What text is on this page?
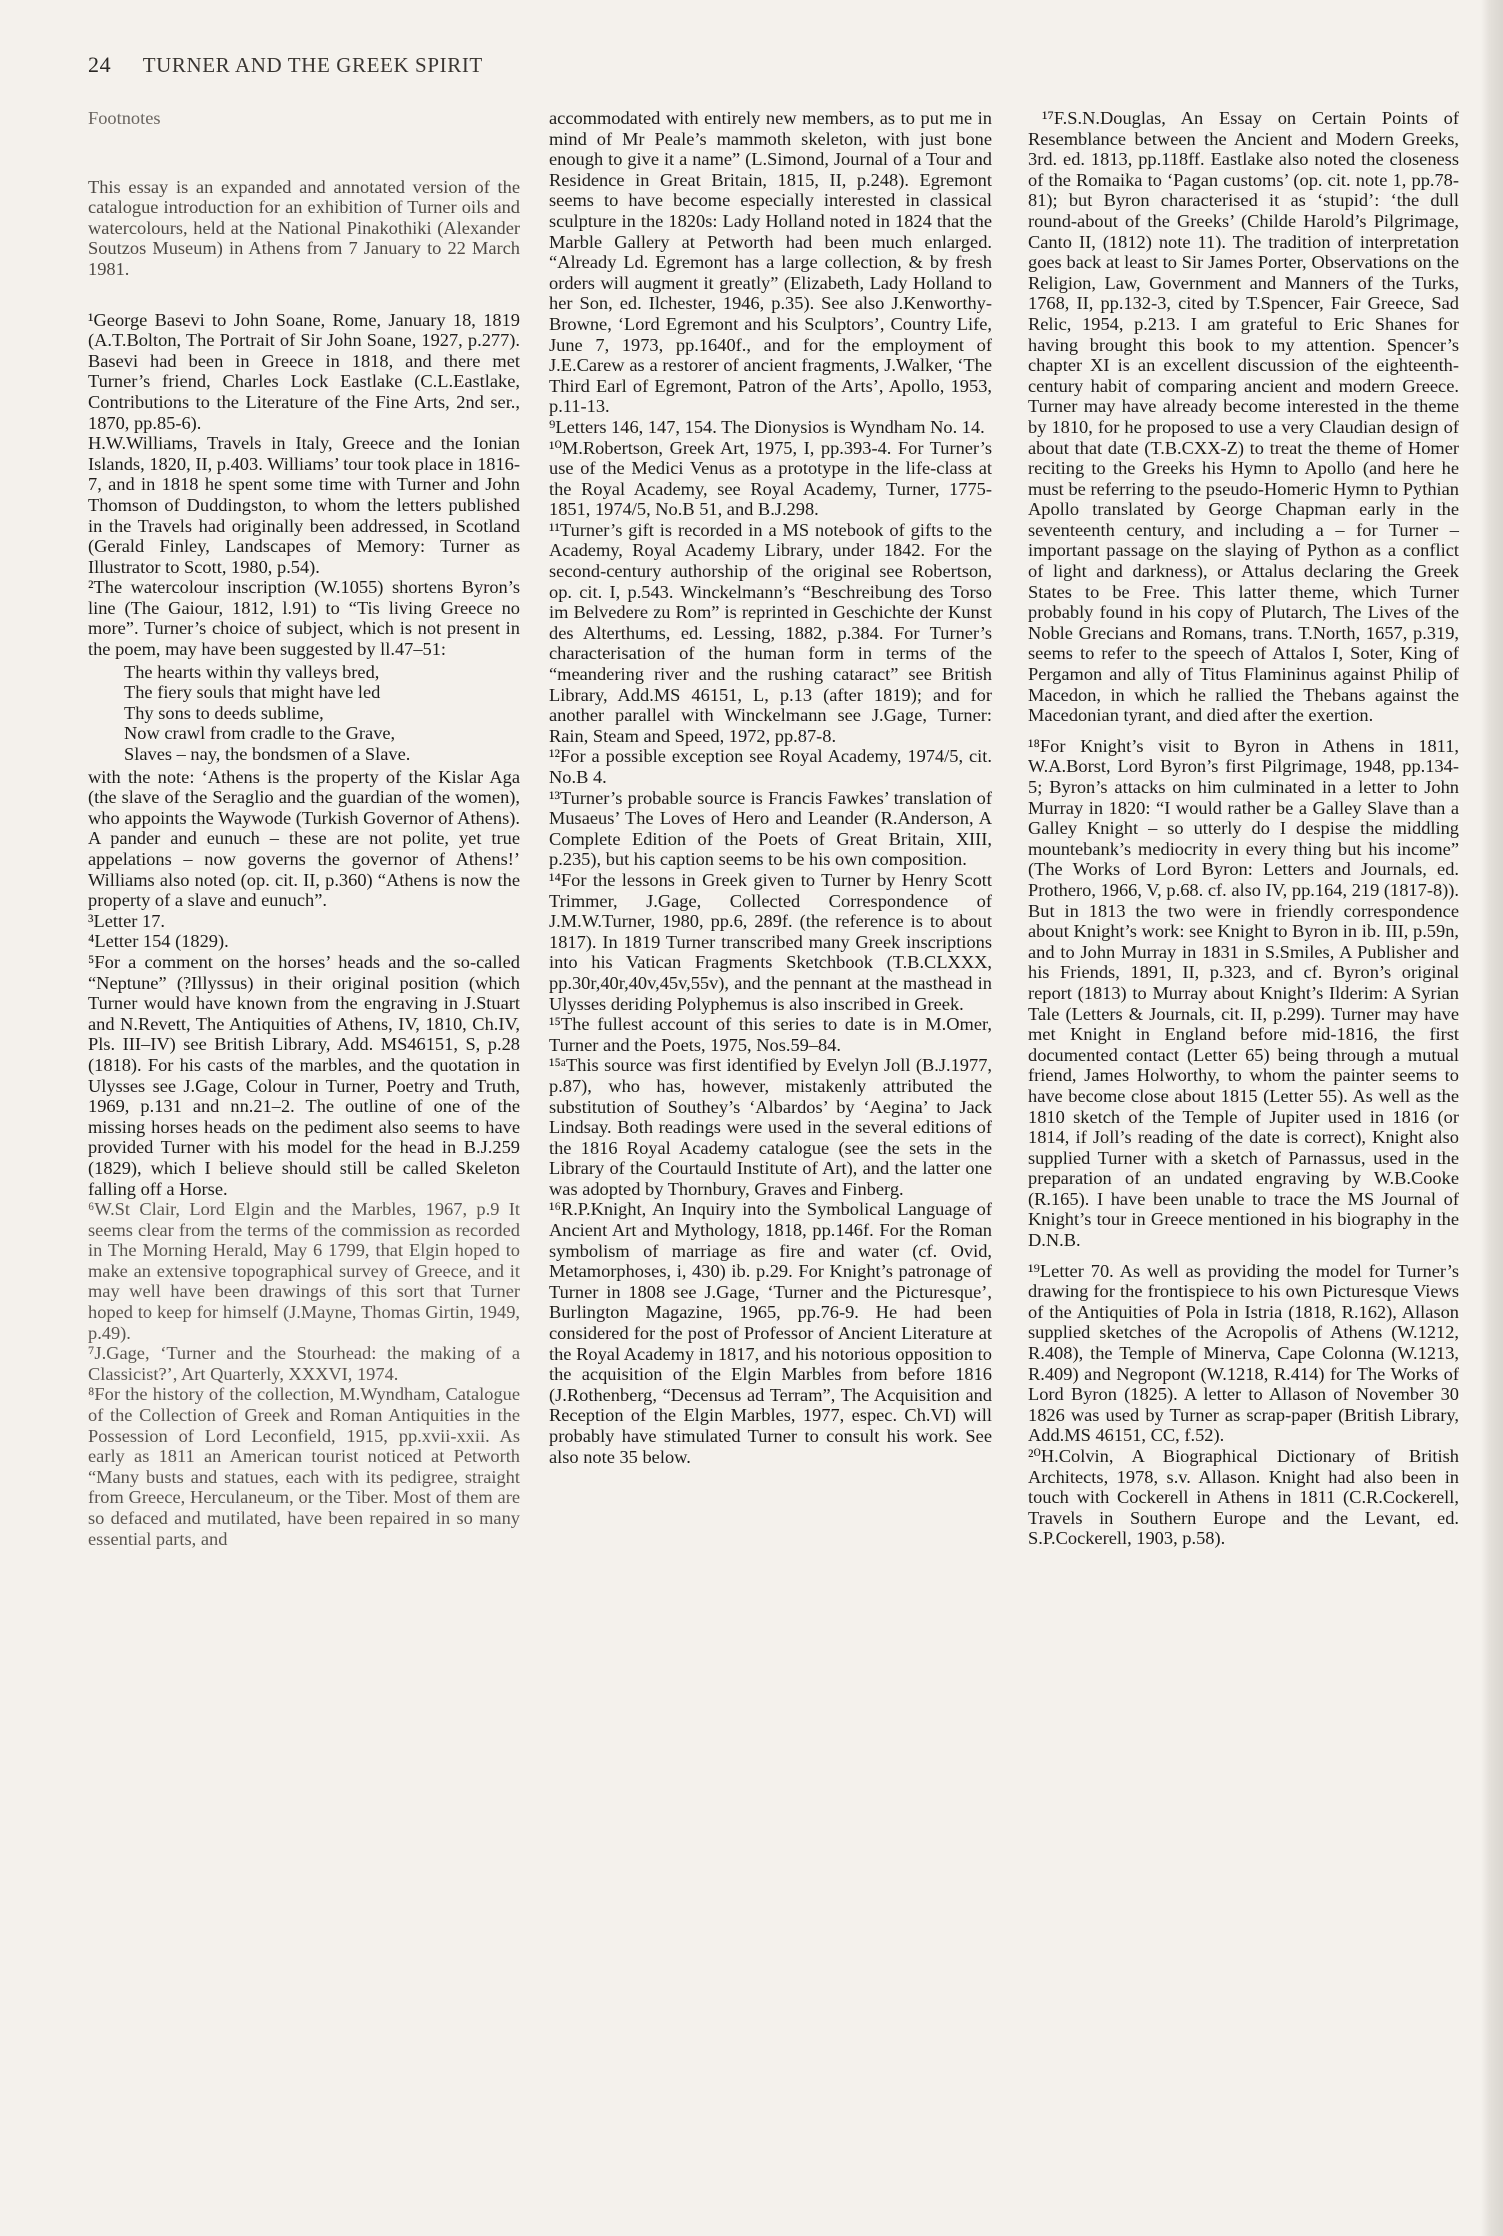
24 TURNER AND THE GREEK SPIRIT

Footnotes

This essay is an expanded and annotated version of the catalogue introduction for an exhibition of Turner oils and watercolours, held at the National Pinakothiki (Alexander Soutzos Museum) in Athens from 7 January to 22 March 1981.

¹George Basevi to John Soane, Rome, January 18, 1819 (A.T.Bolton, The Portrait of Sir John Soane, 1927, p.277). Basevi had been in Greece in 1818, and there met Turner’s friend, Charles Lock Eastlake (C.L.Eastlake, Contributions to the Literature of the Fine Arts, 2nd ser., 1870, pp.85-6).

H.W.Williams, Travels in Italy, Greece and the Ionian Islands, 1820, II, p.403. Williams’ tour took place in 1816-7, and in 1818 he spent some time with Turner and John Thomson of Duddingston, to whom the letters published in the Travels had originally been addressed, in Scotland (Gerald Finley, Landscapes of Memory: Turner as Illustrator to Scott, 1980, p.54).

²The watercolour inscription (W.1055) shortens Byron’s line (The Gaiour, 1812, l.91) to “Tis living Greece no more”. Turner’s choice of subject, which is not present in the poem, may have been suggested by ll.47–51:

The hearts within thy valleys bred,
The fiery souls that might have led
Thy sons to deeds sublime,
Now crawl from cradle to the Grave,
Slaves – nay, the bondsmen of a Slave.

with the note: ‘Athens is the property of the Kislar Aga (the slave of the Seraglio and the guardian of the women), who appoints the Waywode (Turkish Governor of Athens). A pander and eunuch – these are not polite, yet true appelations – now governs the governor of Athens!’ Williams also noted (op. cit. II, p.360) “Athens is now the property of a slave and eunuch”.

³Letter 17.

⁴Letter 154 (1829).

⁵For a comment on the horses’ heads and the so-called “Neptune” (?Illyssus) in their original position (which Turner would have known from the engraving in J.Stuart and N.Revett, The Antiquities of Athens, IV, 1810, Ch.IV, Pls. III–IV) see British Library, Add. MS46151, S, p.28 (1818). For his casts of the marbles, and the quotation in Ulysses see J.Gage, Colour in Turner, Poetry and Truth, 1969, p.131 and nn.21–2. The outline of one of the missing horses heads on the pediment also seems to have provided Turner with his model for the head in B.J.259 (1829), which I believe should still be called Skeleton falling off a Horse.

⁶W.St Clair, Lord Elgin and the Marbles, 1967, p.9 It seems clear from the terms of the commission as recorded in The Morning Herald, May 6 1799, that Elgin hoped to make an extensive topographical survey of Greece, and it may well have been drawings of this sort that Turner hoped to keep for himself (J.Mayne, Thomas Girtin, 1949, p.49).

⁷J.Gage, ‘Turner and the Stourhead: the making of a Classicist?’, Art Quarterly, XXXVI, 1974.

⁸For the history of the collection, M.Wyndham, Catalogue of the Collection of Greek and Roman Antiquities in the Possession of Lord Leconfield, 1915, pp.xvii-xxii. As early as 1811 an American tourist noticed at Petworth “Many busts and statues, each with its pedigree, straight from Greece, Herculaneum, or the Tiber. Most of them are so defaced and mutilated, have been repaired in so many essential parts, and

accommodated with entirely new members, as to put me in mind of Mr Peale’s mammoth skeleton, with just bone enough to give it a name” (L.Simond, Journal of a Tour and Residence in Great Britain, 1815, II, p.248). Egremont seems to have become especially interested in classical sculpture in the 1820s: Lady Holland noted in 1824 that the Marble Gallery at Petworth had been much enlarged. “Already Ld. Egremont has a large collection, & by fresh orders will augment it greatly” (Elizabeth, Lady Holland to her Son, ed. Ilchester, 1946, p.35). See also J.Kenworthy-Browne, ‘Lord Egremont and his Sculptors’, Country Life, June 7, 1973, pp.1640f., and for the employment of J.E.Carew as a restorer of ancient fragments, J.Walker, ‘The Third Earl of Egremont, Patron of the Arts’, Apollo, 1953, p.11-13.

⁹Letters 146, 147, 154. The Dionysios is Wyndham No. 14.

¹⁰M.Robertson, Greek Art, 1975, I, pp.393-4. For Turner’s use of the Medici Venus as a prototype in the life-class at the Royal Academy, see Royal Academy, Turner, 1775-1851, 1974/5, No.B 51, and B.J.298.

¹¹Turner’s gift is recorded in a MS notebook of gifts to the Academy, Royal Academy Library, under 1842. For the second-century authorship of the original see Robertson, op. cit. I, p.543. Winckelmann’s “Beschreibung des Torso im Belvedere zu Rom” is reprinted in Geschichte der Kunst des Alterthums, ed. Lessing, 1882, p.384. For Turner’s characterisation of the human form in terms of the “meandering river and the rushing cataract” see British Library, Add.MS 46151, L, p.13 (after 1819); and for another parallel with Winckelmann see J.Gage, Turner: Rain, Steam and Speed, 1972, pp.87-8.

¹²For a possible exception see Royal Academy, 1974/5, cit. No.B 4.

¹³Turner’s probable source is Francis Fawkes’ translation of Musaeus’ The Loves of Hero and Leander (R.Anderson, A Complete Edition of the Poets of Great Britain, XIII, p.235), but his caption seems to be his own composition.

¹⁴For the lessons in Greek given to Turner by Henry Scott Trimmer, J.Gage, Collected Correspondence of J.M.W.Turner, 1980, pp.6, 289f. (the reference is to about 1817). In 1819 Turner transcribed many Greek inscriptions into his Vatican Fragments Sketchbook (T.B.CLXXX, pp.30r,40r,40v,45v,55v), and the pennant at the masthead in Ulysses deriding Polyphemus is also inscribed in Greek.

¹⁵The fullest account of this series to date is in M.Omer, Turner and the Poets, 1975, Nos.59–84.

¹⁵ᵃThis source was first identified by Evelyn Joll (B.J.1977, p.87), who has, however, mistakenly attributed the substitution of Southey’s ‘Albardos’ by ‘Aegina’ to Jack Lindsay. Both readings were used in the several editions of the 1816 Royal Academy catalogue (see the sets in the Library of the Courtauld Institute of Art), and the latter one was adopted by Thornbury, Graves and Finberg.

¹⁶R.P.Knight, An Inquiry into the Symbolical Language of Ancient Art and Mythology, 1818, pp.146f. For the Roman symbolism of marriage as fire and water (cf. Ovid, Metamorphoses, i, 430) ib. p.29. For Knight’s patronage of Turner in 1808 see J.Gage, ‘Turner and the Picturesque’, Burlington Magazine, 1965, pp.76-9. He had been considered for the post of Professor of Ancient Literature at the Royal Academy in 1817, and his notorious opposition to the acquisition of the Elgin Marbles from before 1816 (J.Rothenberg, “Decensus ad Terram”, The Acquisition and Reception of the Elgin Marbles, 1977, espec. Ch.VI) will probably have stimulated Turner to consult his work. See also note 35 below.

¹⁷F.S.N.Douglas, An Essay on Certain Points of Resemblance between the Ancient and Modern Greeks, 3rd. ed. 1813, pp.118ff. Eastlake also noted the closeness of the Romaika to ‘Pagan customs’ (op. cit. note 1, pp.78-81); but Byron characterised it as ‘stupid’: ‘the dull round-about of the Greeks’ (Childe Harold’s Pilgrimage, Canto II, (1812) note 11). The tradition of interpretation goes back at least to Sir James Porter, Observations on the Religion, Law, Government and Manners of the Turks, 1768, II, pp.132-3, cited by T.Spencer, Fair Greece, Sad Relic, 1954, p.213. I am grateful to Eric Shanes for having brought this book to my attention. Spencer’s chapter XI is an excellent discussion of the eighteenth-century habit of comparing ancient and modern Greece. Turner may have already become interested in the theme by 1810, for he proposed to use a very Claudian design of about that date (T.B.CXX-Z) to treat the theme of Homer reciting to the Greeks his Hymn to Apollo (and here he must be referring to the pseudo-Homeric Hymn to Pythian Apollo translated by George Chapman early in the seventeenth century, and including a – for Turner – important passage on the slaying of Python as a conflict of light and darkness), or Attalus declaring the Greek States to be Free. This latter theme, which Turner probably found in his copy of Plutarch, The Lives of the Noble Grecians and Romans, trans. T.North, 1657, p.319, seems to refer to the speech of Attalos I, Soter, King of Pergamon and ally of Titus Flamininus against Philip of Macedon, in which he rallied the Thebans against the Macedonian tyrant, and died after the exertion.

¹⁸For Knight’s visit to Byron in Athens in 1811, W.A.Borst, Lord Byron’s first Pilgrimage, 1948, pp.134-5; Byron’s attacks on him culminated in a letter to John Murray in 1820: “I would rather be a Galley Slave than a Galley Knight – so utterly do I despise the middling mountebank’s mediocrity in every thing but his income” (The Works of Lord Byron: Letters and Journals, ed. Prothero, 1966, V, p.68. cf. also IV, pp.164, 219 (1817-8)). But in 1813 the two were in friendly correspondence about Knight’s work: see Knight to Byron in ib. III, p.59n, and to John Murray in 1831 in S.Smiles, A Publisher and his Friends, 1891, II, p.323, and cf. Byron’s original report (1813) to Murray about Knight’s Ilderim: A Syrian Tale (Letters & Journals, cit. II, p.299). Turner may have met Knight in England before mid-1816, the first documented contact (Letter 65) being through a mutual friend, James Holworthy, to whom the painter seems to have become close about 1815 (Letter 55). As well as the 1810 sketch of the Temple of Jupiter used in 1816 (or 1814, if Joll’s reading of the date is correct), Knight also supplied Turner with a sketch of Parnassus, used in the preparation of an undated engraving by W.B.Cooke (R.165). I have been unable to trace the MS Journal of Knight’s tour in Greece mentioned in his biography in the D.N.B.

¹⁹Letter 70. As well as providing the model for Turner’s drawing for the frontispiece to his own Picturesque Views of the Antiquities of Pola in Istria (1818, R.162), Allason supplied sketches of the Acropolis of Athens (W.1212, R.408), the Temple of Minerva, Cape Colonna (W.1213, R.409) and Negropont (W.1218, R.414) for The Works of Lord Byron (1825). A letter to Allason of November 30 1826 was used by Turner as scrap-paper (British Library, Add.MS 46151, CC, f.52).

²⁰H.Colvin, A Biographical Dictionary of British Architects, 1978, s.v. Allason. Knight had also been in touch with Cockerell in Athens in 1811 (C.R.Cockerell, Travels in Southern Europe and the Levant, ed. S.P.Cockerell, 1903, p.58).
